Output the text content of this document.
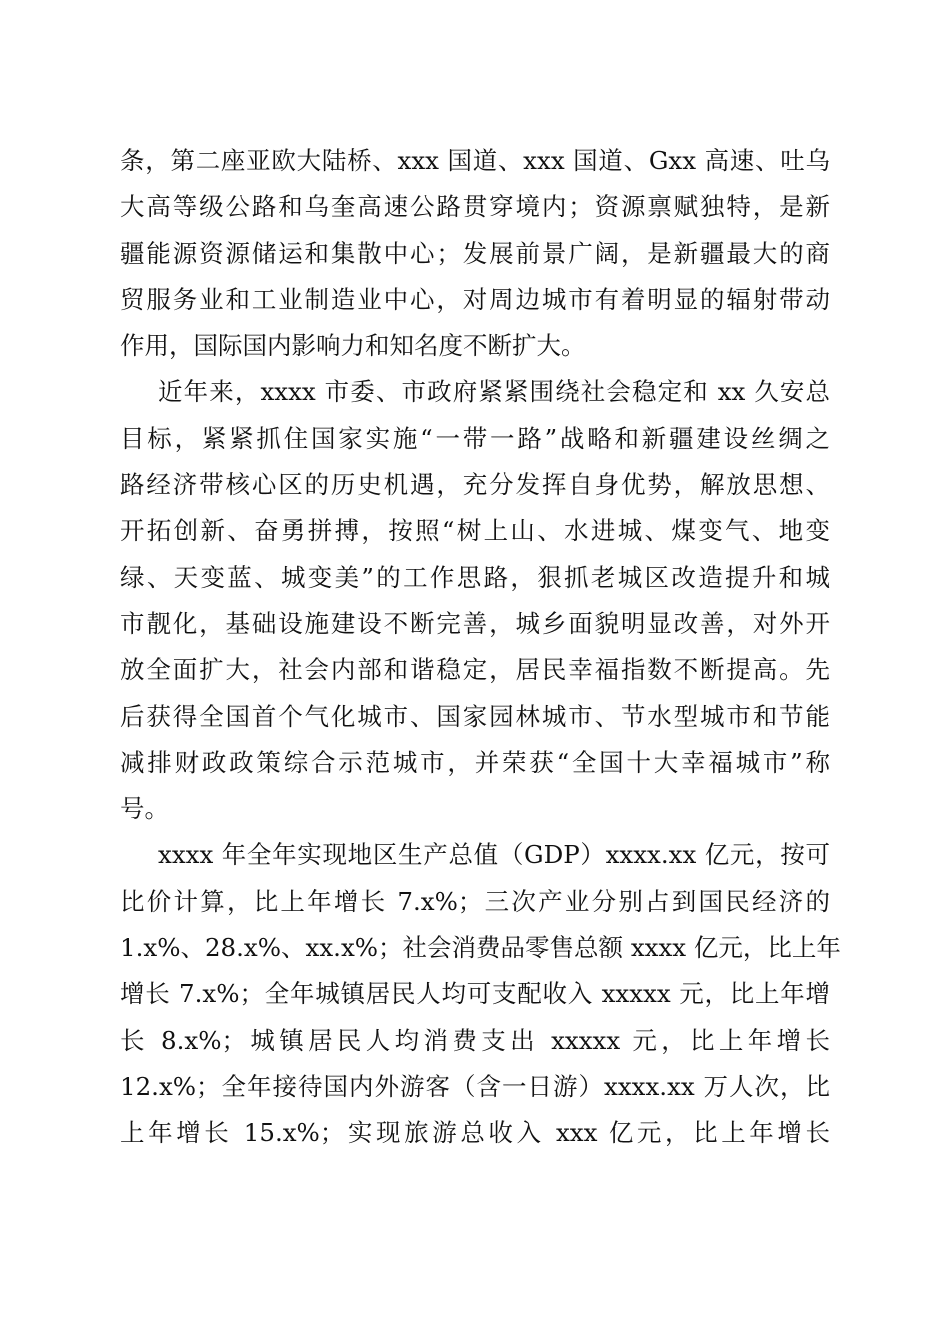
条，第二座亚欧大陆桥、xxx 国道、xxx 国道、Gxx 高速、吐乌
大高等级公路和乌奎高速公路贯穿境内；资源禀赋独特，是新
疆能源资源储运和集散中心；发展前景广阔，是新疆最大的商
贸服务业和工业制造业中心，对周边城市有着明显的辐射带动
作用，国际国内影响力和知名度不断扩大。
近年来，xxxx 市委、市政府紧紧围绕社会稳定和 xx 久安总
目标，紧紧抓住国家实施“一带一路”战略和新疆建设丝绸之
路经济带核心区的历史机遇，充分发挥自身优势，解放思想、
开拓创新、奋勇拼搏，按照“树上山、水进城、煤变气、地变
绿、天变蓝、城变美”的工作思路，狠抓老城区改造提升和城
市靓化，基础设施建设不断完善，城乡面貌明显改善，对外开
放全面扩大，社会内部和谐稳定，居民幸福指数不断提高。先
后获得全国首个气化城市、国家园林城市、节水型城市和节能
减排财政政策综合示范城市，并荣获“全国十大幸福城市”称
号。
xxxx 年全年实现地区生产总值（GDP）xxxx.xx 亿元，按可
比价计算，比上年增长 7.x%；三次产业分别占到国民经济的
1.x%、28.x%、xx.x%；社会消费品零售总额 xxxx 亿元，比上年
增长 7.x%；全年城镇居民人均可支配收入 xxxxx 元，比上年增
长 8.x%；城镇居民人均消费支出 xxxxx 元，比上年增长
12.x%；全年接待国内外游客（含一日游）xxxx.xx 万人次，比
上年增长 15.x%；实现旅游总收入 xxx 亿元，比上年增长
